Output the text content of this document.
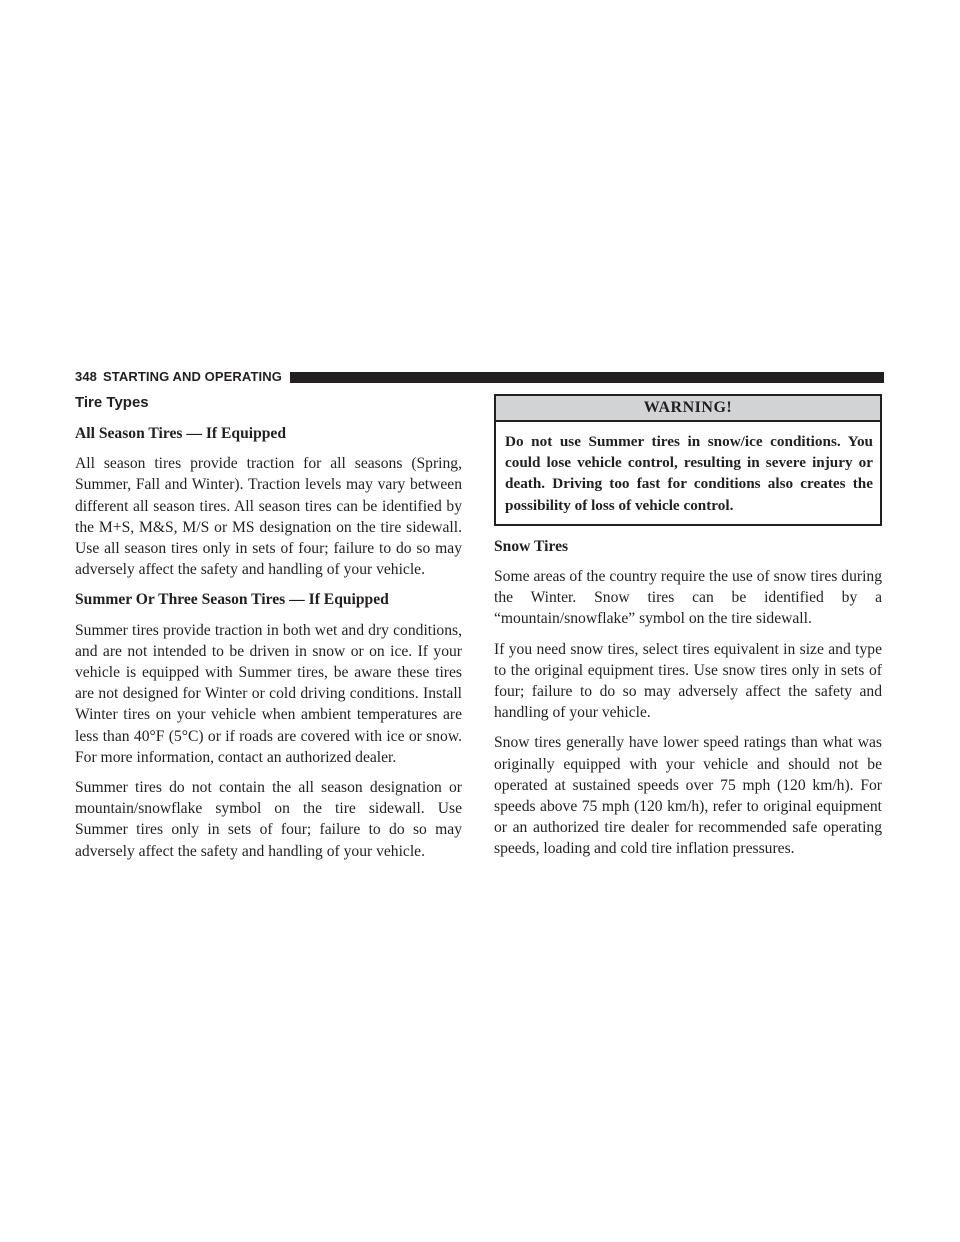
348 STARTING AND OPERATING
Tire Types
All Season Tires — If Equipped

All season tires provide traction for all seasons (Spring, Summer, Fall and Winter). Traction levels may vary between different all season tires. All season tires can be identified by the M+S, M&S, M/S or MS designation on the tire sidewall. Use all season tires only in sets of four; failure to do so may adversely affect the safety and handling of your vehicle.

Summer Or Three Season Tires — If Equipped

Summer tires provide traction in both wet and dry conditions, and are not intended to be driven in snow or on ice. If your vehicle is equipped with Summer tires, be aware these tires are not designed for Winter or cold driving conditions. Install Winter tires on your vehicle when ambient temperatures are less than 40°F (5°C) or if roads are covered with ice or snow. For more information, contact an authorized dealer.

Summer tires do not contain the all season designation or mountain/snowflake symbol on the tire sidewall. Use Summer tires only in sets of four; failure to do so may adversely affect the safety and handling of your vehicle.

WARNING!
Do not use Summer tires in snow/ice conditions. You could lose vehicle control, resulting in severe injury or death. Driving too fast for conditions also creates the possibility of loss of vehicle control.
Snow Tires

Some areas of the country require the use of snow tires during the Winter. Snow tires can be identified by a “mountain/snowflake” symbol on the tire sidewall.

If you need snow tires, select tires equivalent in size and type to the original equipment tires. Use snow tires only in sets of four; failure to do so may adversely affect the safety and handling of your vehicle.

Snow tires generally have lower speed ratings than what was originally equipped with your vehicle and should not be operated at sustained speeds over 75 mph (120 km/h). For speeds above 75 mph (120 km/h), refer to original equipment or an authorized tire dealer for recommended safe operating speeds, loading and cold tire inflation pressures.
